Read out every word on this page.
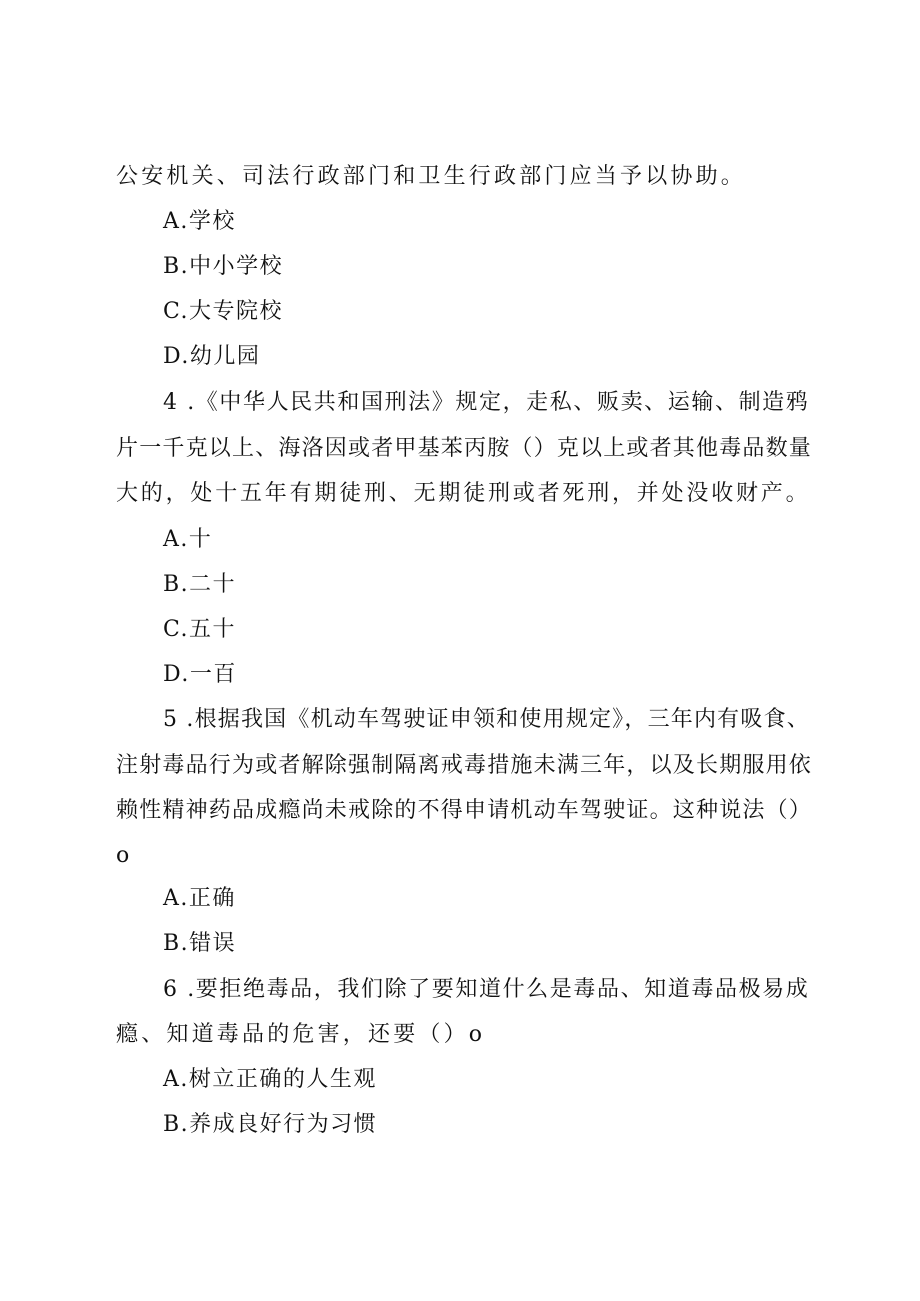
公安机关、司法行政部门和卫生行政部门应当予以协助。
A.学校
B.中小学校
C.大专院校
D.幼儿园
4 .《中华人民共和国刑法》规定，走私、贩卖、运输、制造鸦
片一千克以上、海洛因或者甲基苯丙胺（）克以上或者其他毒品数量
大的，处十五年有期徒刑、无期徒刑或者死刑，并处没收财产。
A.十
B.二十
C.五十
D.一百
5 .根据我国《机动车驾驶证申领和使用规定》，三年内有吸食、
注射毒品行为或者解除强制隔离戒毒措施未满三年，以及长期服用依
赖性精神药品成瘾尚未戒除的不得申请机动车驾驶证。这种说法（）
o
A.正确
B.错误
6 .要拒绝毒品，我们除了要知道什么是毒品、知道毒品极易成
瘾、知道毒品的危害，还要（）o
A.树立正确的人生观
B.养成良好行为习惯
